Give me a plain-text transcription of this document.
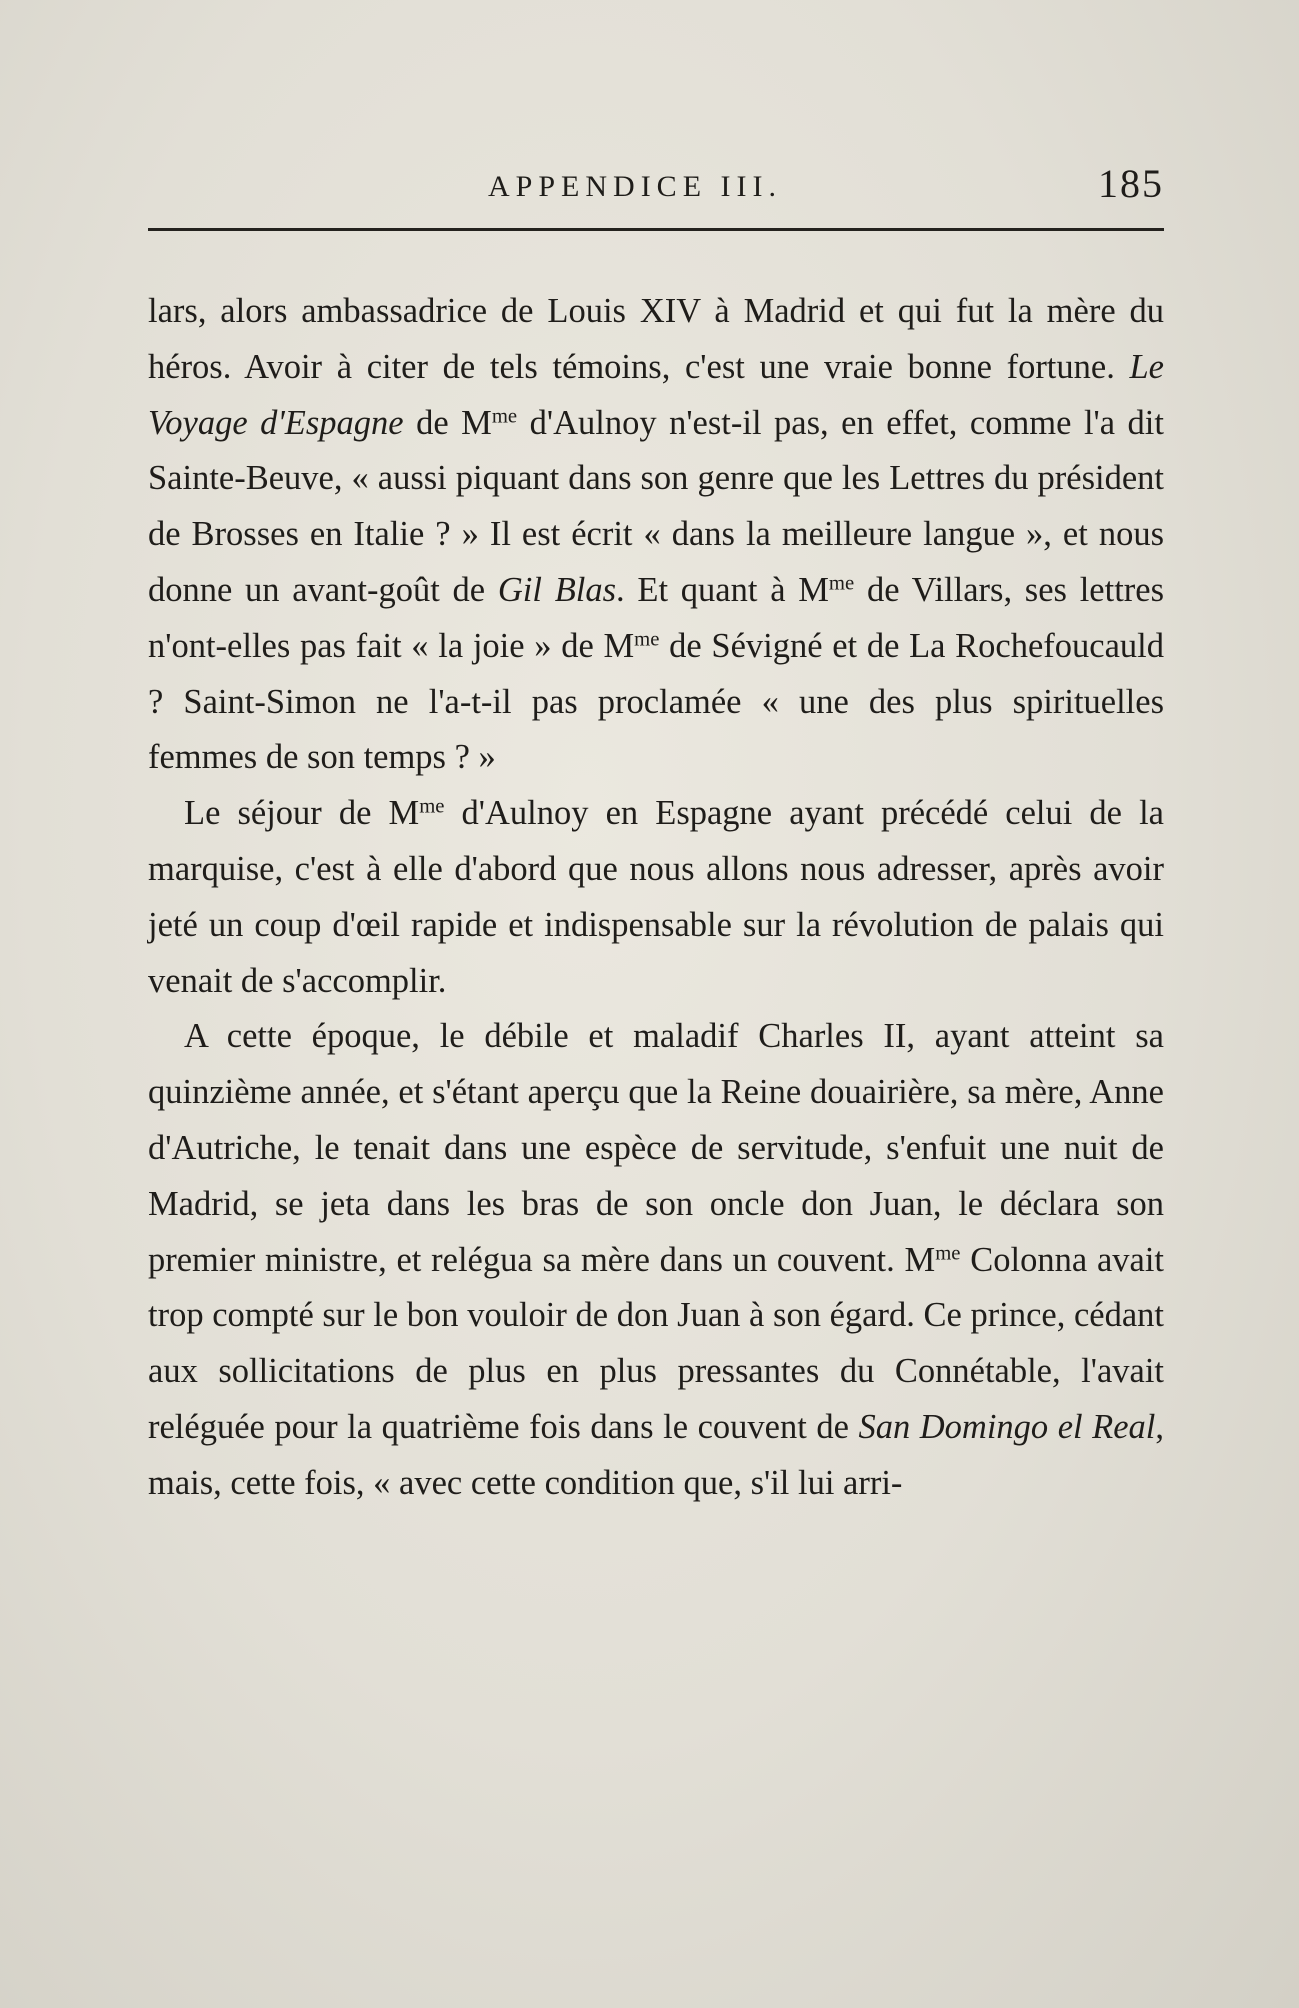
APPENDICE III.	185

lars, alors ambassadrice de Louis XIV à Madrid et qui fut la mère du héros. Avoir à citer de tels témoins, c'est une vraie bonne fortune. Le Voyage d'Espagne de $M^{me}$ d'Aulnoy n'est-il pas, en effet, comme l'a dit Sainte-Beuve, « aussi piquant dans son genre que les Lettres du président de Brosses en Italie ? » Il est écrit « dans la meilleure langue », et nous donne un avant-goût de Gil Blas. Et quant à $M^{me}$ de Villars, ses lettres n'ont-elles pas fait « la joie » de $M^{me}$ de Sévigné et de La Rochefoucauld ? Saint-Simon ne l'a-t-il pas proclamée « une des plus spirituelles femmes de son temps ? »

Le séjour de $M^{me}$ d'Aulnoy en Espagne ayant précédé celui de la marquise, c'est à elle d'abord que nous allons nous adresser, après avoir jeté un coup d'œil rapide et indispensable sur la révolution de palais qui venait de s'accomplir.

A cette époque, le débile et maladif Charles II, ayant atteint sa quinzième année, et s'étant aperçu que la Reine douairière, sa mère, Anne d'Autriche, le tenait dans une espèce de servitude, s'enfuit une nuit de Madrid, se jeta dans les bras de son oncle don Juan, le déclara son premier ministre, et relégua sa mère dans un couvent. $M^{me}$ Colonna avait trop compté sur le bon vouloir de don Juan à son égard. Ce prince, cédant aux sollicitations de plus en plus pressantes du Connétable, l'avait reléguée pour la quatrième fois dans le couvent de San Domingo el Real, mais, cette fois, « avec cette condition que, s'il lui arri-
